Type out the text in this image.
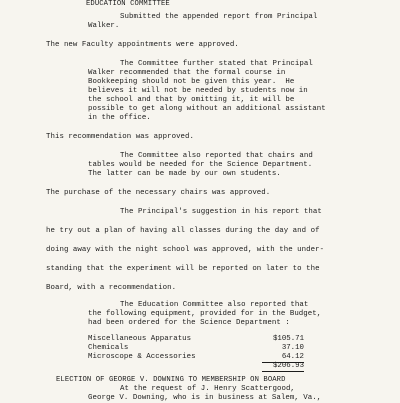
EDUCATION COMMITTEE
Submitted the appended report from Principal
Walker.
The new Faculty appointments were approved.
The Committee further stated that Principal
Walker recommended that the formal course in
Bookkeeping should not be given this year.  He
believes it will not be needed by students now in
the school and that by omitting it, it will be
possible to get along without an additional assistant
in the office.
This recommendation was approved.
The Committee also reported that chairs and
tables would be needed for the Science Department.
The latter can be made by our own students.
The purchase of the necessary chairs was approved.
The Principal's suggestion in his report that
he try out a plan of having all classes during the day and of
doing away with the night school was approved, with the under-
standing that the experiment will be reported on later to the
Board, with a recommendation.
The Education Committee also reported that
the following equipment, provided for in the Budget,
had been ordered for the Science Department :
Miscellaneous Apparatus	$105.71
Chemicals	37.10
Microscope & Accessories	64.12
$206.93
ELECTION OF GEORGE V. DOWNING TO MEMBERSHIP ON BOARD
At the request of J. Henry Scattergood,
George V. Downing, who is in business at Salem, Va.,
